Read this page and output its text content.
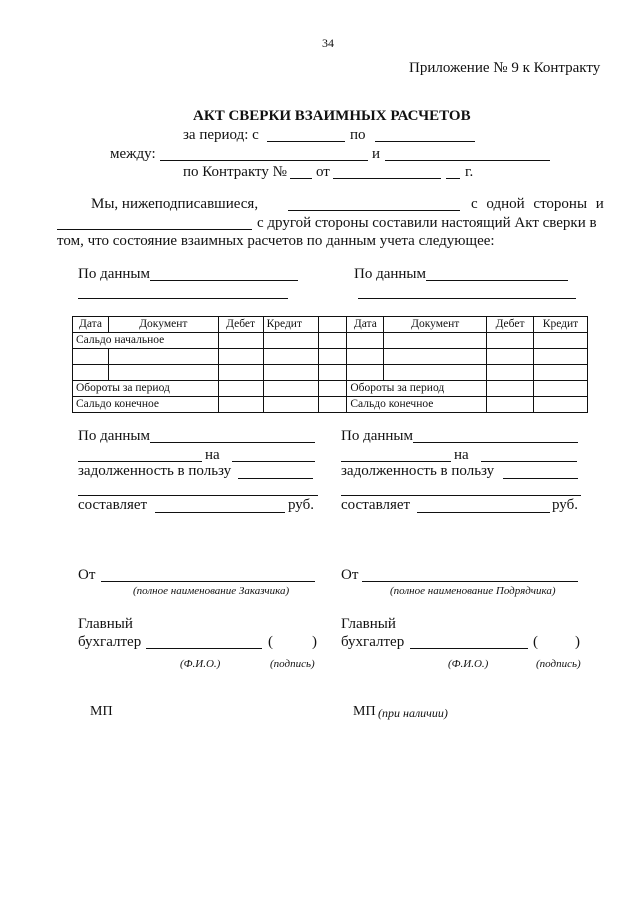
34
Приложение № 9 к Контракту
АКТ СВЕРКИ ВЗАИМНЫХ РАСЧЕТОВ
за период: с	по
между:	и
по Контракту № от	г.
Мы, нижеподписавшиеся,	с одной стороны и
с другой стороны составили настоящий Акт сверки в
том, что состояние взаимных расчетов по данным учета следующее:
По данным	По данным
Дата	Документ	Дебет	Кредит		Дата	Документ	Дебет	Кредит
Сальдо начальное								

Обороты за период					Обороты за период			
Сальдо конечное					Сальдо конечное			
По данным
на
задолженность в пользу
составляет	руб.
По данным
на
задолженность в пользу
составляет	руб.
От
(полное наименование Заказчика)
От
(полное наименование Подрядчика)
Главный
бухгалтер	(	)
(Ф.И.О.)	(подпись)
Главный
бухгалтер	( )
(Ф.И.О.)	(подпись)
МП	МП (при наличии)
